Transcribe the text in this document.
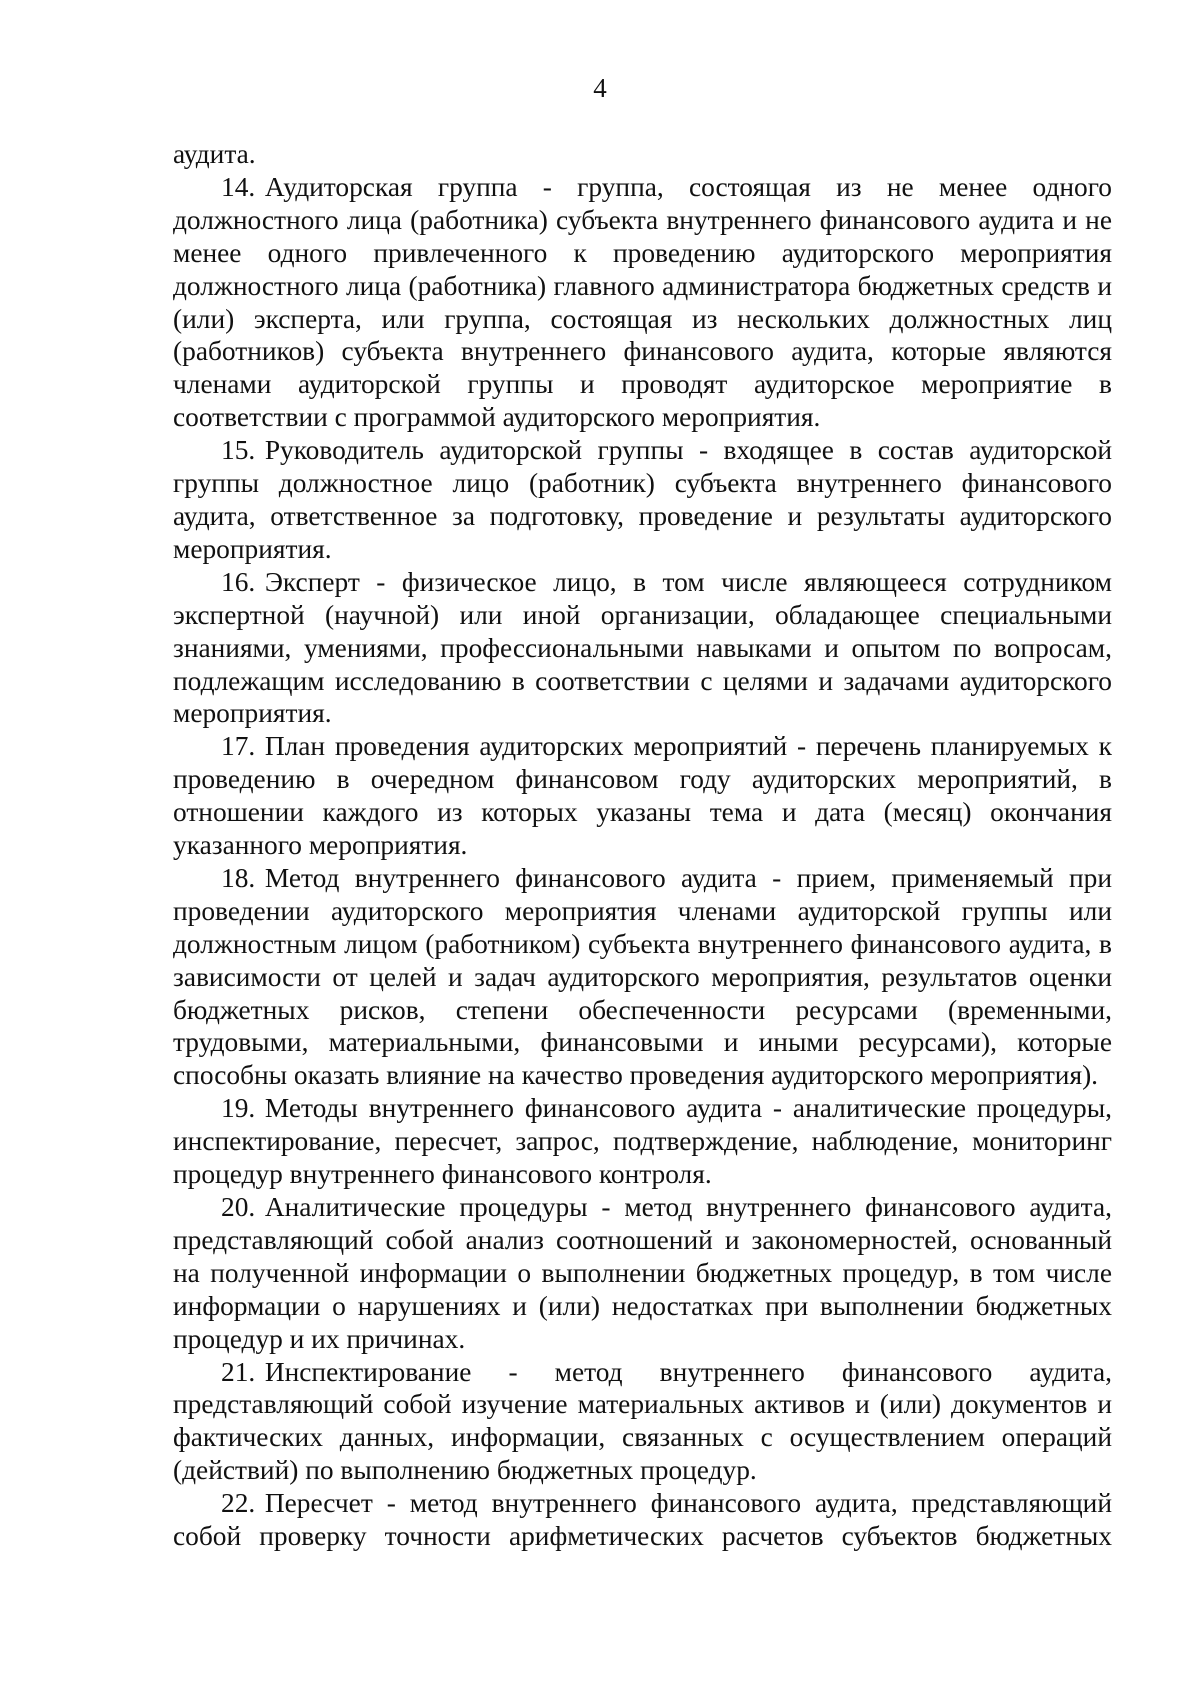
4

аудита.

14. Аудиторская группа - группа, состоящая из не менее одного должностного лица (работника) субъекта внутреннего финансового аудита и не менее одного привлеченного к проведению аудиторского мероприятия должностного лица (работника) главного администратора бюджетных средств и (или) эксперта, или группа, состоящая из нескольких должностных лиц (работников) субъекта внутреннего финансового аудита, которые являются членами аудиторской группы и проводят аудиторское мероприятие в соответствии с программой аудиторского мероприятия.

15. Руководитель аудиторской группы - входящее в состав аудиторской группы должностное лицо (работник) субъекта внутреннего финансового аудита, ответственное за подготовку, проведение и результаты аудиторского мероприятия.

16. Эксперт - физическое лицо, в том числе являющееся сотрудником экспертной (научной) или иной организации, обладающее специальными знаниями, умениями, профессиональными навыками и опытом по вопросам, подлежащим исследованию в соответствии с целями и задачами аудиторского мероприятия.

17. План проведения аудиторских мероприятий - перечень планируемых к проведению в очередном финансовом году аудиторских мероприятий, в отношении каждого из которых указаны тема и дата (месяц) окончания указанного мероприятия.

18. Метод внутреннего финансового аудита - прием, применяемый при проведении аудиторского мероприятия членами аудиторской группы или должностным лицом (работником) субъекта внутреннего финансового аудита, в зависимости от целей и задач аудиторского мероприятия, результатов оценки бюджетных рисков, степени обеспеченности ресурсами (временными, трудовыми, материальными, финансовыми и иными ресурсами), которые способны оказать влияние на качество проведения аудиторского мероприятия).

19. Методы внутреннего финансового аудита - аналитические процедуры, инспектирование, пересчет, запрос, подтверждение, наблюдение, мониторинг процедур внутреннего финансового контроля.

20. Аналитические процедуры - метод внутреннего финансового аудита, представляющий собой анализ соотношений и закономерностей, основанный на полученной информации о выполнении бюджетных процедур, в том числе информации о нарушениях и (или) недостатках при выполнении бюджетных процедур и их причинах.

21. Инспектирование - метод внутреннего финансового аудита, представляющий собой изучение материальных активов и (или) документов и фактических данных, информации, связанных с осуществлением операций (действий) по выполнению бюджетных процедур.

22. Пересчет - метод внутреннего финансового аудита, представляющий собой проверку точности арифметических расчетов субъектов бюджетных
